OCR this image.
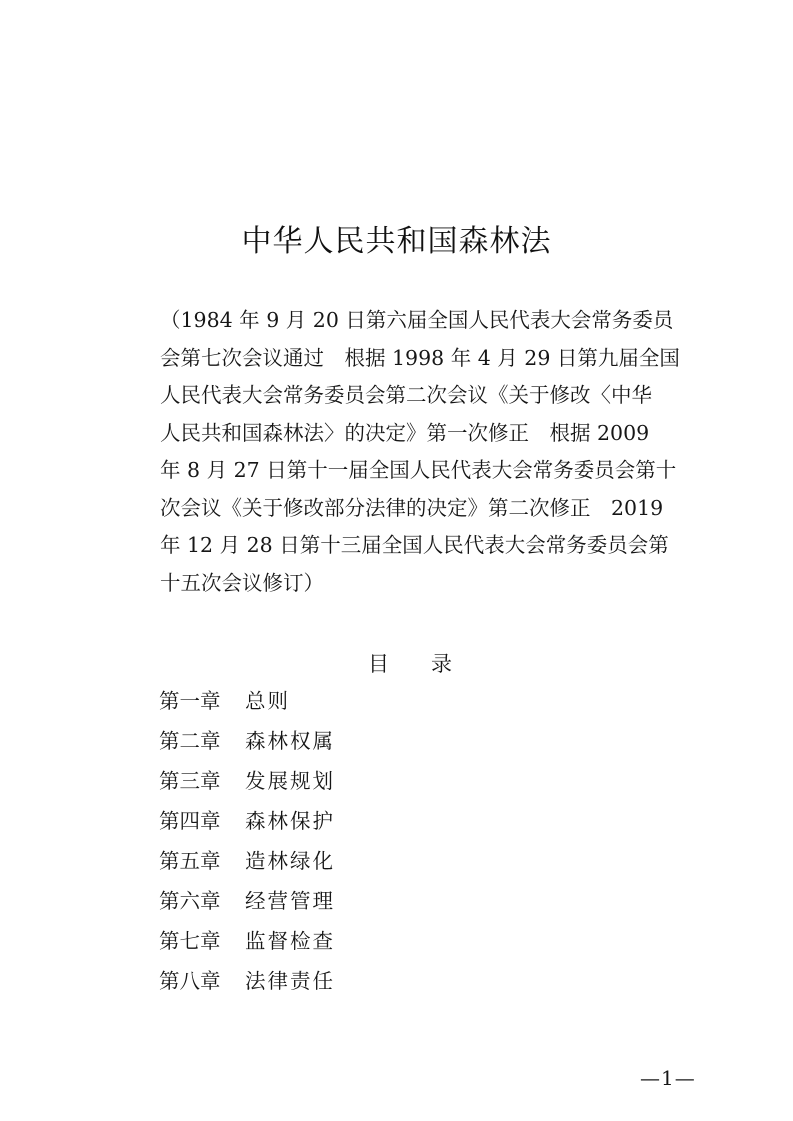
中华人民共和国森林法
（1984 年 9 月 20 日第六届全国人民代表大会常务委员
会第七次会议通过　根据 1998 年 4 月 29 日第九届全国
人民代表大会常务委员会第二次会议《关于修改〈中华
人民共和国森林法〉的决定》第一次修正　根据 2009
年 8 月 27 日第十一届全国人民代表大会常务委员会第十
次会议《关于修改部分法律的决定》第二次修正　2019
年 12 月 28 日第十三届全国人民代表大会常务委员会第
十五次会议修订）
目　　录
第一章	总则
第二章	森林权属
第三章	发展规划
第四章	森林保护
第五章	造林绿化
第六章	经营管理
第七章	监督检查
第八章	法律责任
—1—
